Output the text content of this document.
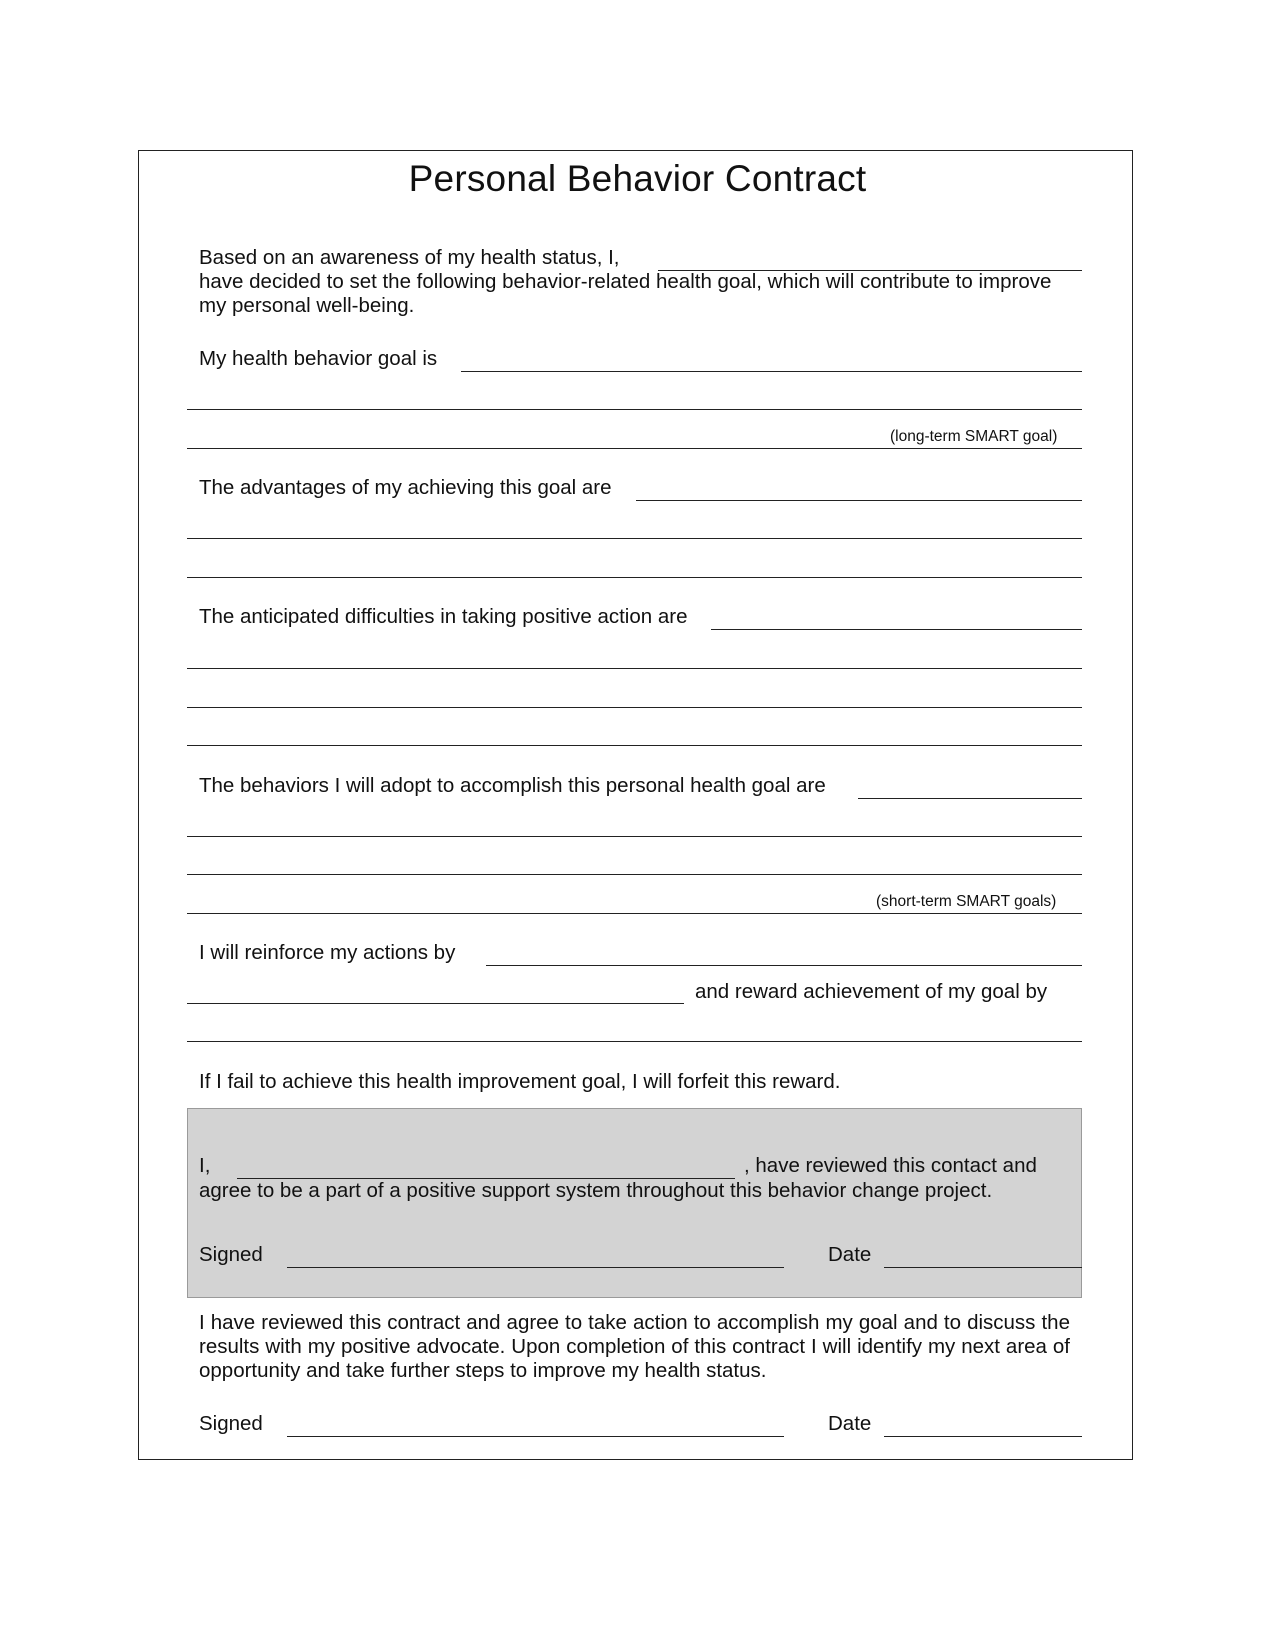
Personal Behavior Contract
Based on an awareness of my health status, I,
have decided to set the following behavior-related health goal, which will contribute to improve
my personal well-being.
My health behavior goal is
(long-term SMART goal)
The advantages of my achieving this goal are
The anticipated difficulties in taking positive action are
The behaviors I will adopt to accomplish this personal health goal are
(short-term SMART goals)
I will reinforce my actions by
and reward achievement of my goal by
If I fail to achieve this health improvement goal, I will forfeit this reward.
I,	, have reviewed this contact and
agree to be a part of a positive support system throughout this behavior change project.
Signed	Date
I have reviewed this contract and agree to take action to accomplish my goal and to discuss the results with my positive advocate. Upon completion of this contract I will identify my next area of opportunity and take further steps to improve my health status.
Signed	Date
